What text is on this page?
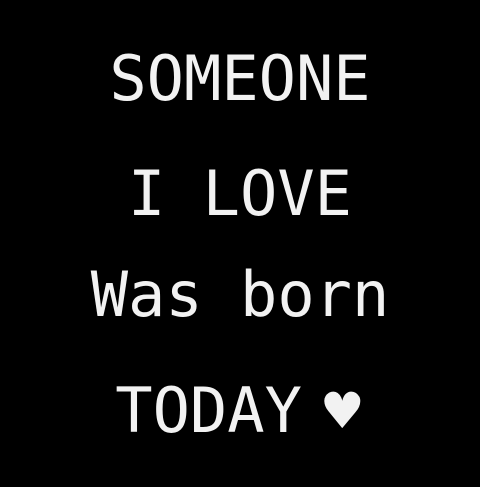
SOMEONE
I LOVE
Was born
TODAY ♥
